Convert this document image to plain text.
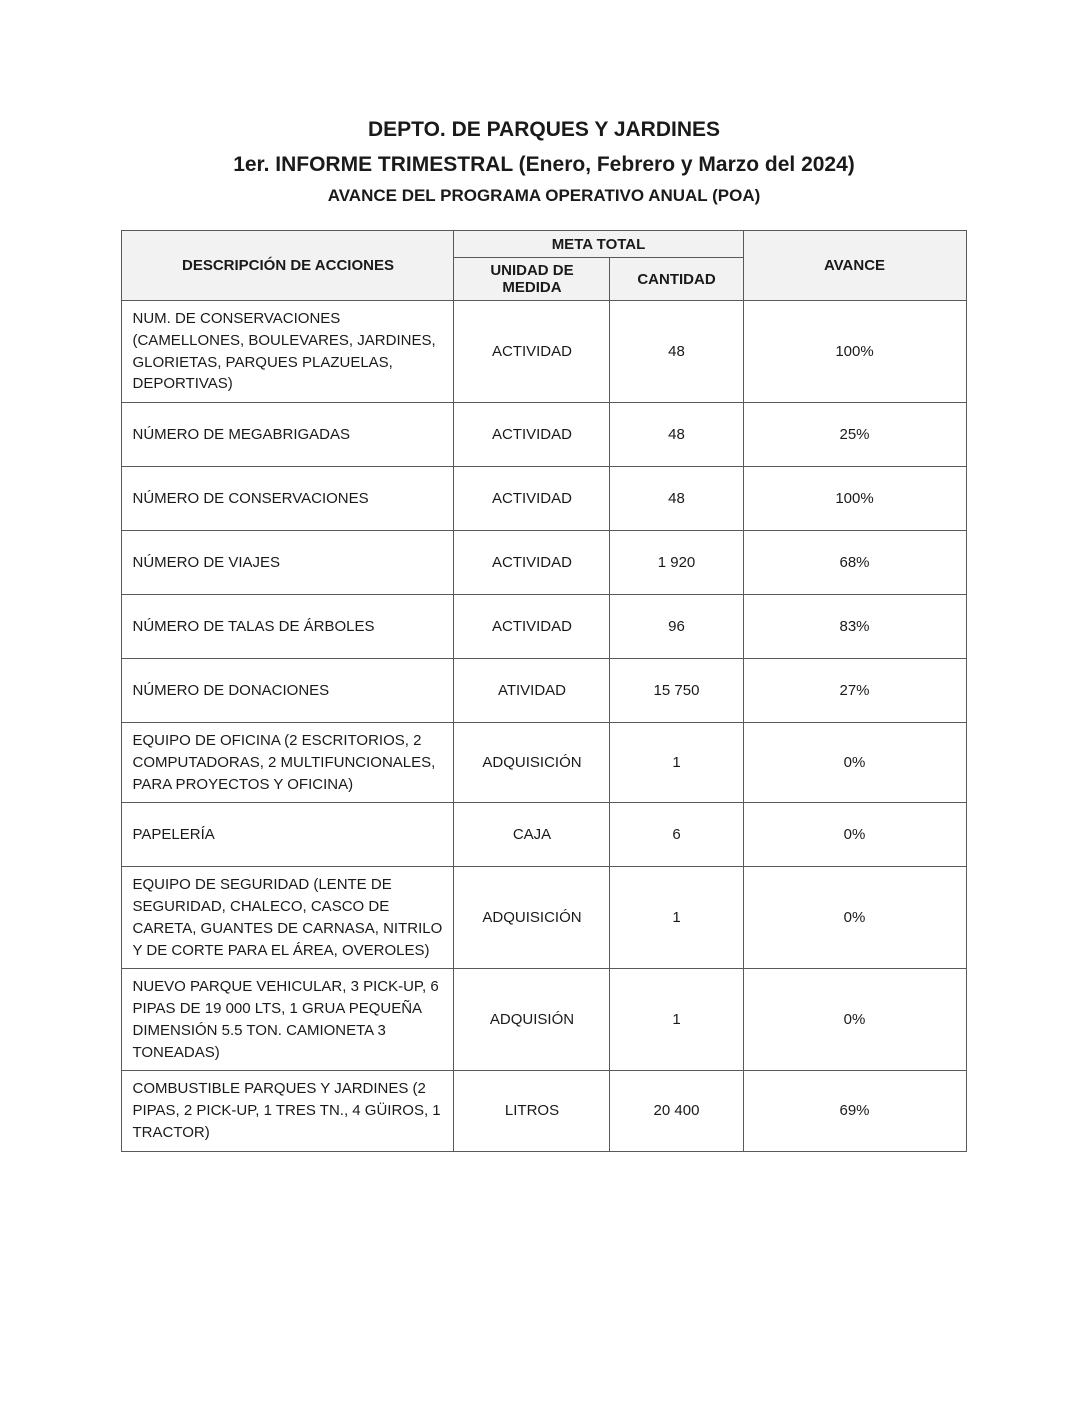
DEPTO. DE PARQUES Y JARDINES

1er. INFORME TRIMESTRAL (Enero, Febrero y Marzo del 2024)

AVANCE DEL PROGRAMA OPERATIVO ANUAL (POA)

DESCRIPCIÓN DE ACCIONES	META TOTAL		AVANCE
	UNIDAD DE MEDIDA	CANTIDAD	
NUM. DE CONSERVACIONES (CAMELLONES, BOULEVARES, JARDINES, GLORIETAS, PARQUES PLAZUELAS, DEPORTIVAS)	ACTIVIDAD	48	100%
NÚMERO DE MEGABRIGADAS	ACTIVIDAD	48	25%
NÚMERO DE CONSERVACIONES	ACTIVIDAD	48	100%
NÚMERO DE VIAJES	ACTIVIDAD	1 920	68%
NÚMERO DE TALAS DE ÁRBOLES	ACTIVIDAD	96	83%
NÚMERO DE DONACIONES	ATIVIDAD	15 750	27%
EQUIPO DE OFICINA (2 ESCRITORIOS, 2 COMPUTADORAS, 2 MULTIFUNCIONALES, PARA PROYECTOS Y OFICINA)	ADQUISICIÓN	1	0%
PAPELERÍA	CAJA	6	0%
EQUIPO DE SEGURIDAD (LENTE DE SEGURIDAD, CHALECO, CASCO DE CARETA, GUANTES DE CARNASA, NITRILO Y DE CORTE PARA EL ÁREA, OVEROLES)	ADQUISICIÓN	1	0%
NUEVO PARQUE VEHICULAR, 3 PICK-UP, 6 PIPAS DE 19 000 LTS, 1 GRUA PEQUEÑA DIMENSIÓN 5.5 TON. CAMIONETA 3 TONEADAS)	ADQUISIÓN	1	0%
COMBUSTIBLE PARQUES Y JARDINES (2 PIPAS, 2 PICK-UP, 1 TRES TN., 4 GÜIROS, 1 TRACTOR)	LITROS	20 400	69%
